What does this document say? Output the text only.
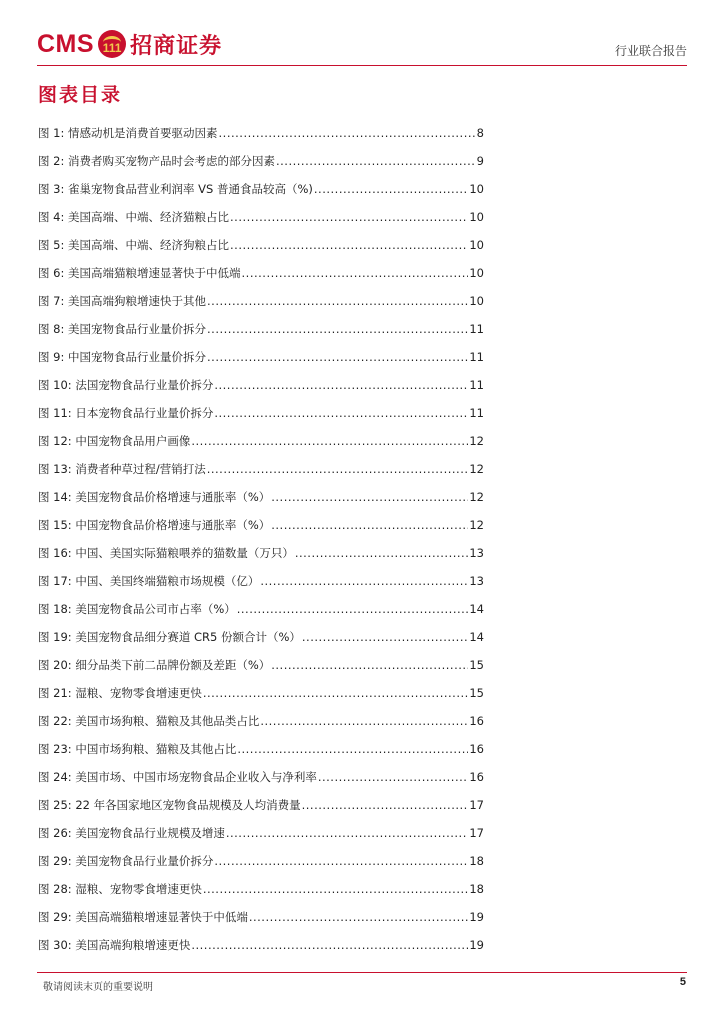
CMS 111 招商证券	行业联合报告
图表目录
图 1: 情感动机是消费首要驱动因素 .....	8
图 2: 消费者购买宠物产品时会考虑的部分因素 .....	9
图 3: 雀巢宠物食品营业利润率 VS 普通食品较高（%) .....	10
图 4: 美国高端、中端、经济猫粮占比 .....	10
图 5: 美国高端、中端、经济狗粮占比 .....	10
图 6: 美国高端猫粮增速显著快于中低端 .....	10
图 7: 美国高端狗粮增速快于其他 .....	10
图 8: 美国宠物食品行业量价拆分 .....	11
图 9: 中国宠物食品行业量价拆分 .....	11
图 10: 法国宠物食品行业量价拆分 .....	11
图 11: 日本宠物食品行业量价拆分 .....	11
图 12: 中国宠物食品用户画像 .....	12
图 13: 消费者种草过程/营销打法 .....	12
图 14: 美国宠物食品价格增速与通胀率（%） .....	12
图 15: 中国宠物食品价格增速与通胀率（%） .....	12
图 16: 中国、美国实际猫粮喂养的猫数量（万只） .....	13
图 17: 中国、美国终端猫粮市场规模（亿） .....	13
图 18: 美国宠物食品公司市占率（%） .....	14
图 19: 美国宠物食品细分赛道 CR5 份额合计（%） .....	14
图 20: 细分品类下前二品牌份额及差距（%） .....	15
图 21: 湿粮、宠物零食增速更快 .....	15
图 22: 美国市场狗粮、猫粮及其他品类占比 .....	16
图 23: 中国市场狗粮、猫粮及其他占比 .....	16
图 24: 美国市场、中国市场宠物食品企业收入与净利率 .....	16
图 25: 22 年各国家地区宠物食品规模及人均消费量 .....	17
图 26: 美国宠物食品行业规模及增速 .....	17
图 29: 美国宠物食品行业量价拆分 .....	18
图 28: 湿粮、宠物零食增速更快 .....	18
图 29: 美国高端猫粮增速显著快于中低端 .....	19
图 30: 美国高端狗粮增速更快 .....	19
敬请阅读末页的重要说明	5
